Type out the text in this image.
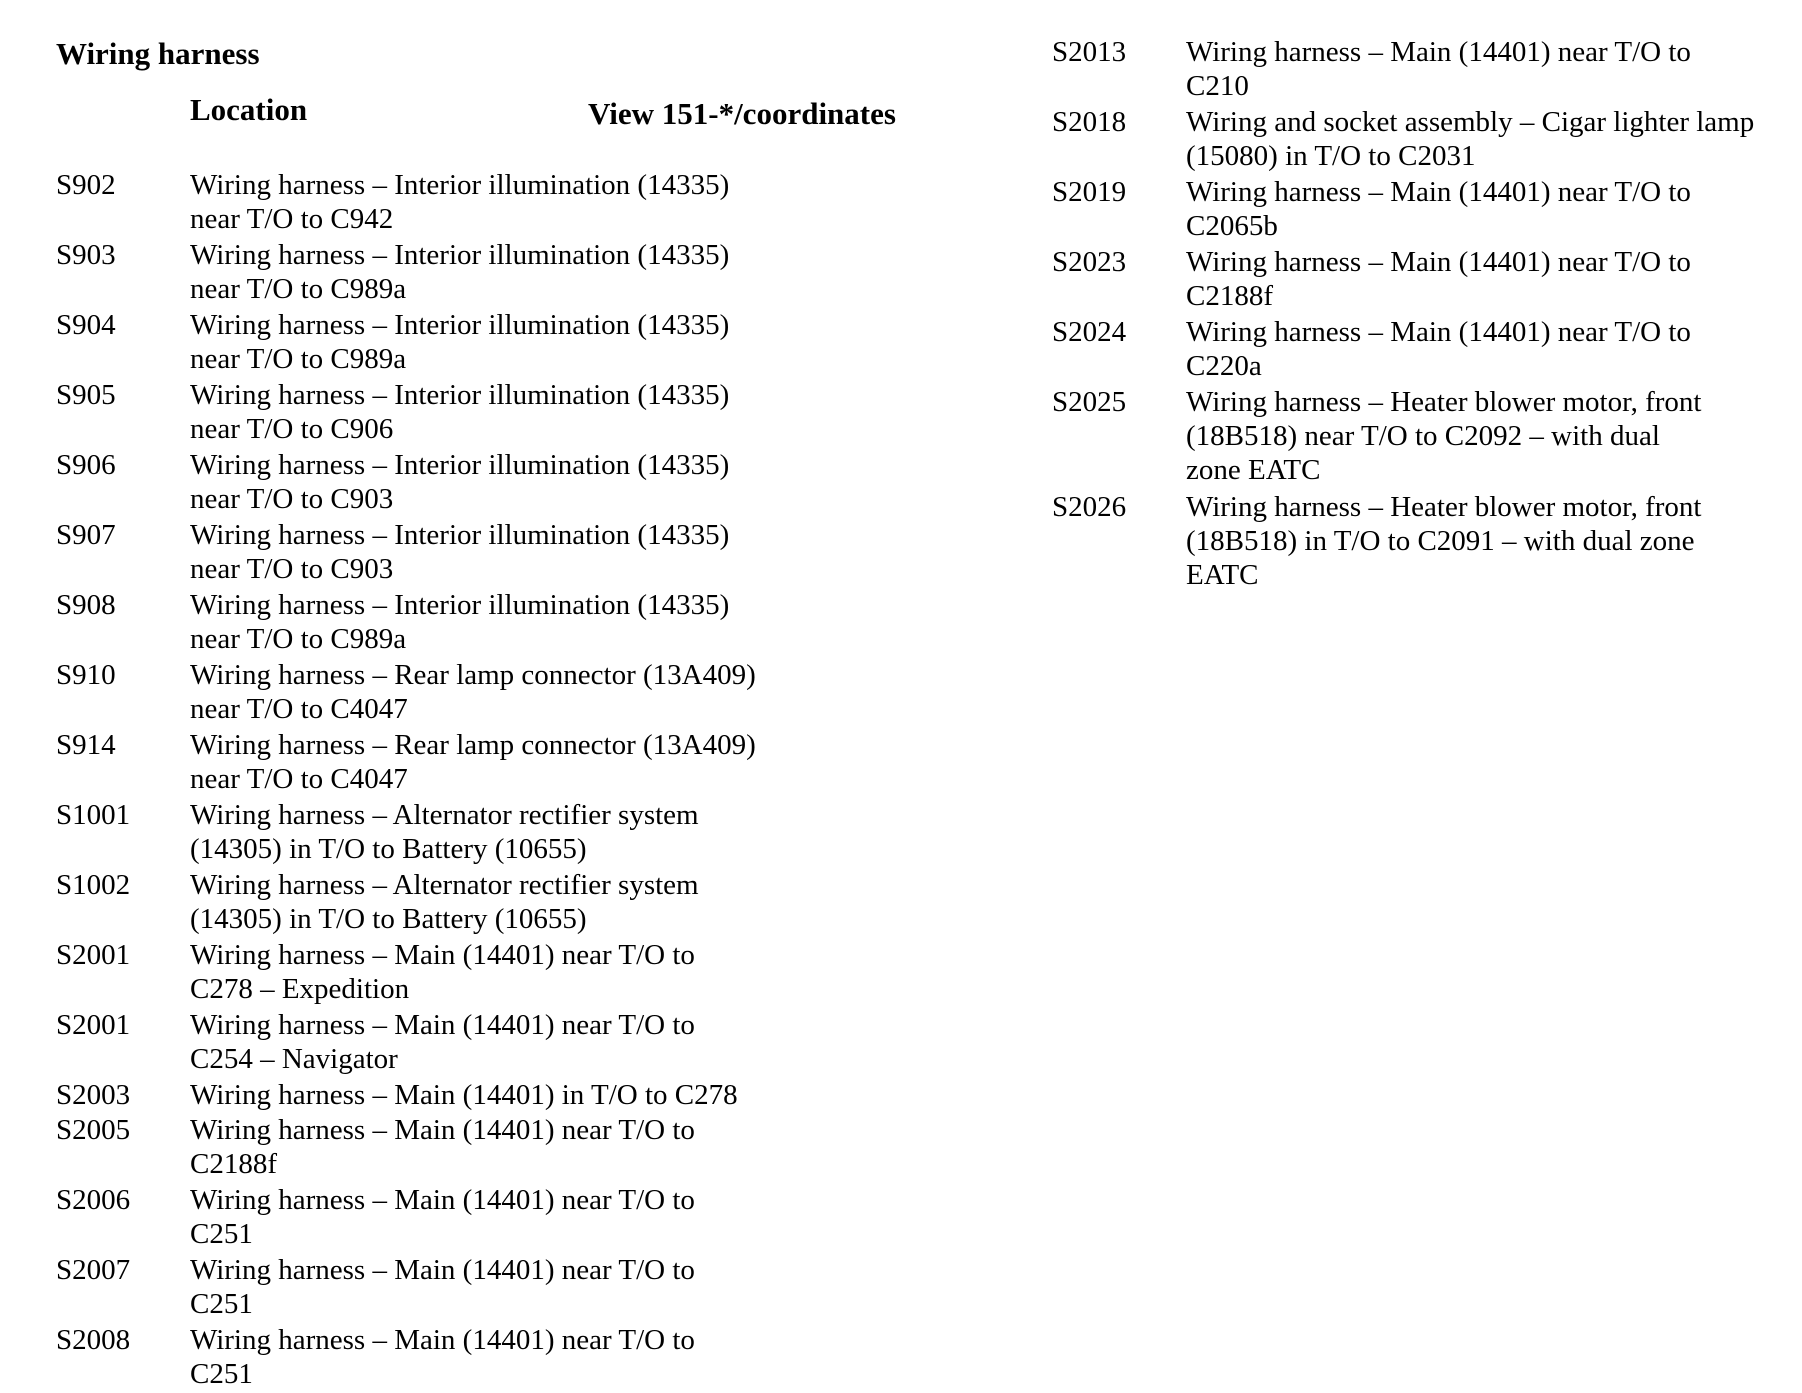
Wiring harness
Location	View 151-*/coordinates
S902	Wiring harness – Interior illumination (14335)
near T/O to C942
S903	Wiring harness – Interior illumination (14335)
near T/O to C989a
S904	Wiring harness – Interior illumination (14335)
near T/O to C989a
S905	Wiring harness – Interior illumination (14335)
near T/O to C906
S906	Wiring harness – Interior illumination (14335)
near T/O to C903
S907	Wiring harness – Interior illumination (14335)
near T/O to C903
S908	Wiring harness – Interior illumination (14335)
near T/O to C989a
S910	Wiring harness – Rear lamp connector (13A409)
near T/O to C4047
S914	Wiring harness – Rear lamp connector (13A409)
near T/O to C4047
S1001 Wiring harness – Alternator rectifier system
(14305) in T/O to Battery (10655)
S1002 Wiring harness – Alternator rectifier system
(14305) in T/O to Battery (10655)
S2001 Wiring harness – Main (14401) near T/O to
C278 – Expedition
S2001 Wiring harness – Main (14401) near T/O to
C254 – Navigator
S2003 Wiring harness – Main (14401) in T/O to C278
S2005 Wiring harness – Main (14401) near T/O to
C2188f
S2006 Wiring harness – Main (14401) near T/O to
C251
S2007 Wiring harness – Main (14401) near T/O to
C251
S2008 Wiring harness – Main (14401) near T/O to
C251
S2013 Wiring harness – Main (14401) near T/O to
C210
S2018 Wiring and socket assembly – Cigar lighter lamp
(15080) in T/O to C2031
S2019 Wiring harness – Main (14401) near T/O to
C2065b
S2023 Wiring harness – Main (14401) near T/O to
C2188f
S2024 Wiring harness – Main (14401) near T/O to
C220a
S2025 Wiring harness – Heater blower motor, front
(18B518) near T/O to C2092 – with dual
zone EATC
S2026 Wiring harness – Heater blower motor, front
(18B518) in T/O to C2091 – with dual zone
EATC
